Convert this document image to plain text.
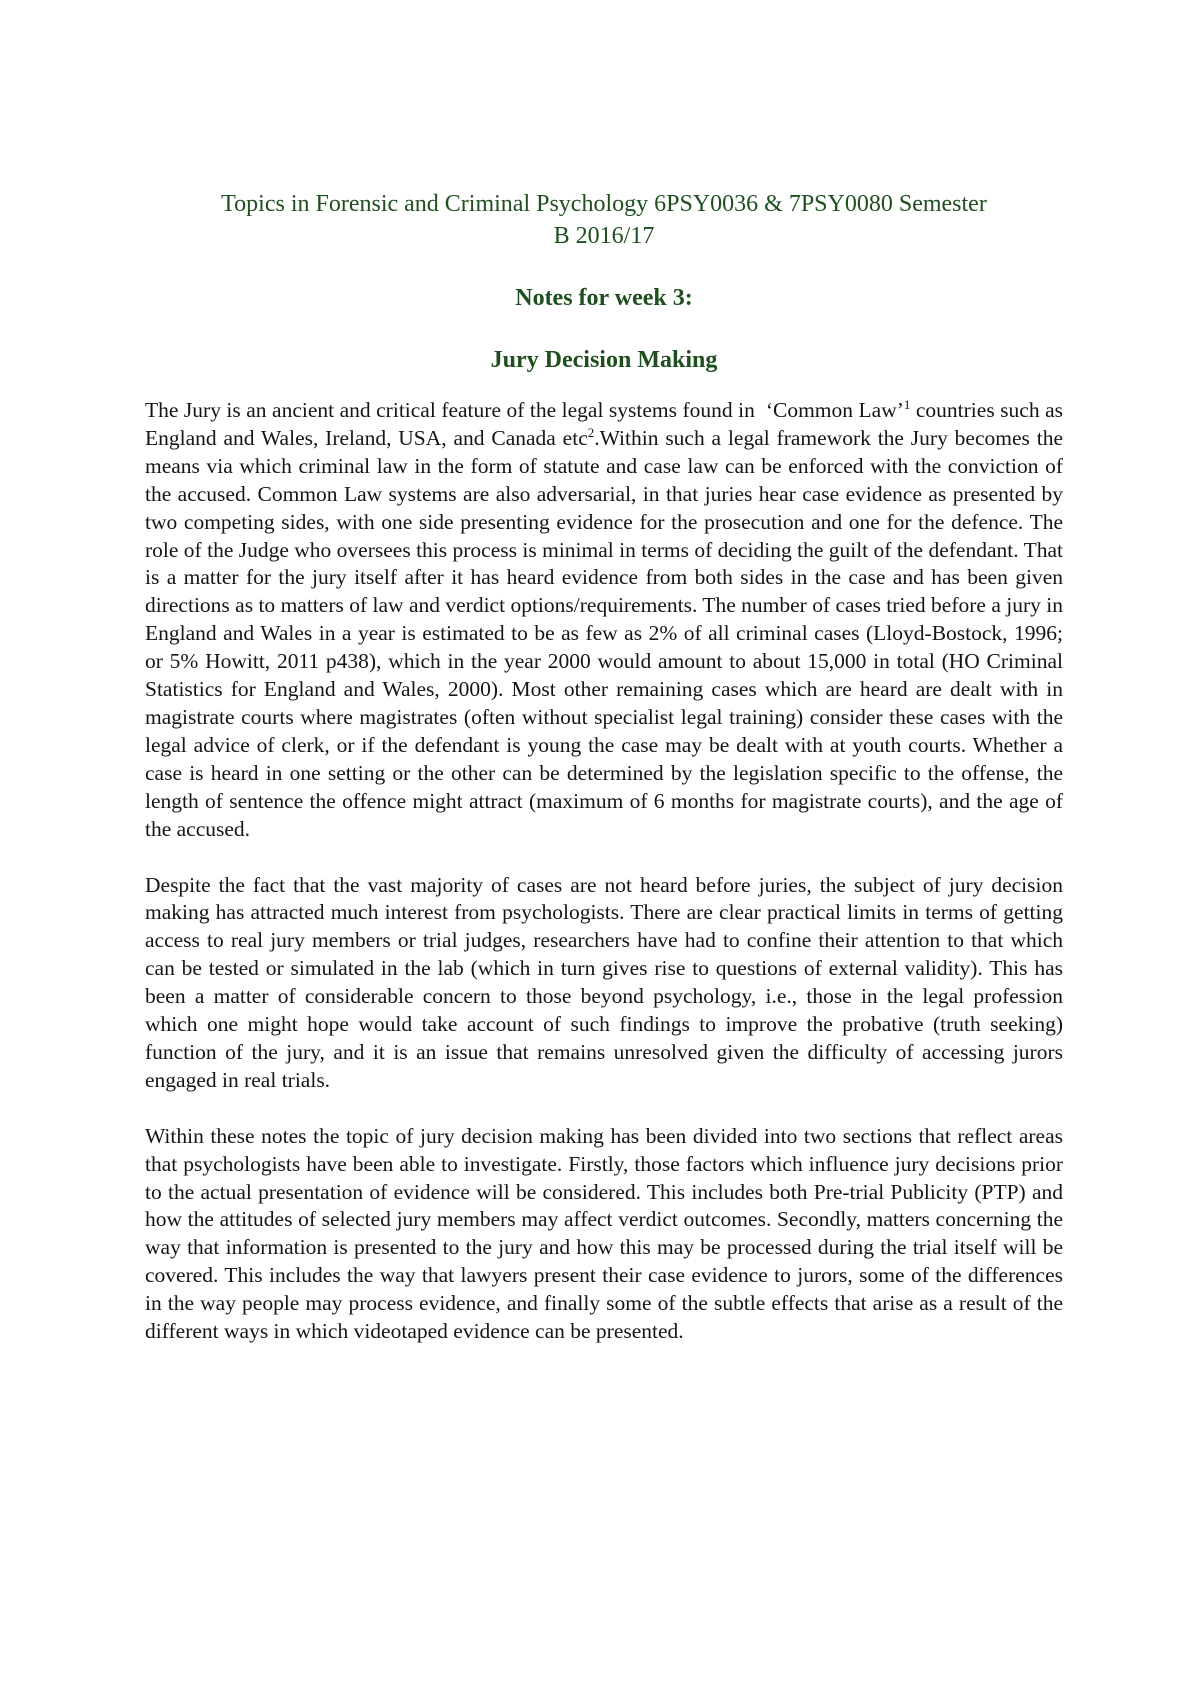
Topics in Forensic and Criminal Psychology 6PSY0036 & 7PSY0080 Semester
B 2016/17

Notes for week 3:

Jury Decision Making

The Jury is an ancient and critical feature of the legal systems found in  ‘Common Law’$^1$ countries such as England and Wales, Ireland, USA, and Canada etc$^2$.Within such a legal framework the Jury becomes the means via which criminal law in the form of statute and case law can be enforced with the conviction of the accused. Common Law systems are also adversarial, in that juries hear case evidence as presented by two competing sides, with one side presenting evidence for the prosecution and one for the defence. The role of the Judge who oversees this process is minimal in terms of deciding the guilt of the defendant. That is a matter for the jury itself after it has heard evidence from both sides in the case and has been given directions as to matters of law and verdict options/requirements. The number of cases tried before a jury in England and Wales in a year is estimated to be as few as 2% of all criminal cases (Lloyd-Bostock, 1996; or 5% Howitt, 2011 p438), which in the year 2000 would amount to about 15,000 in total (HO Criminal Statistics for England and Wales, 2000). Most other remaining cases which are heard are dealt with in magistrate courts where magistrates (often without specialist legal training) consider these cases with the legal advice of clerk, or if the defendant is young the case may be dealt with at youth courts. Whether a case is heard in one setting or the other can be determined by the legislation specific to the offense, the length of sentence the offence might attract (maximum of 6 months for magistrate courts), and the age of the accused.

Despite the fact that the vast majority of cases are not heard before juries, the subject of jury decision making has attracted much interest from psychologists. There are clear practical limits in terms of getting access to real jury members or trial judges, researchers have had to confine their attention to that which can be tested or simulated in the lab (which in turn gives rise to questions of external validity). This has been a matter of considerable concern to those beyond psychology, i.e., those in the legal profession which one might hope would take account of such findings to improve the probative (truth seeking) function of the jury, and it is an issue that remains unresolved given the difficulty of accessing jurors engaged in real trials.

Within these notes the topic of jury decision making has been divided into two sections that reflect areas that psychologists have been able to investigate. Firstly, those factors which influence jury decisions prior to the actual presentation of evidence will be considered. This includes both Pre-trial Publicity (PTP) and how the attitudes of selected jury members may affect verdict outcomes. Secondly, matters concerning the way that information is presented to the jury and how this may be processed during the trial itself will be covered. This includes the way that lawyers present their case evidence to jurors, some of the differences in the way people may process evidence, and finally some of the subtle effects that arise as a result of the different ways in which videotaped evidence can be presented.
